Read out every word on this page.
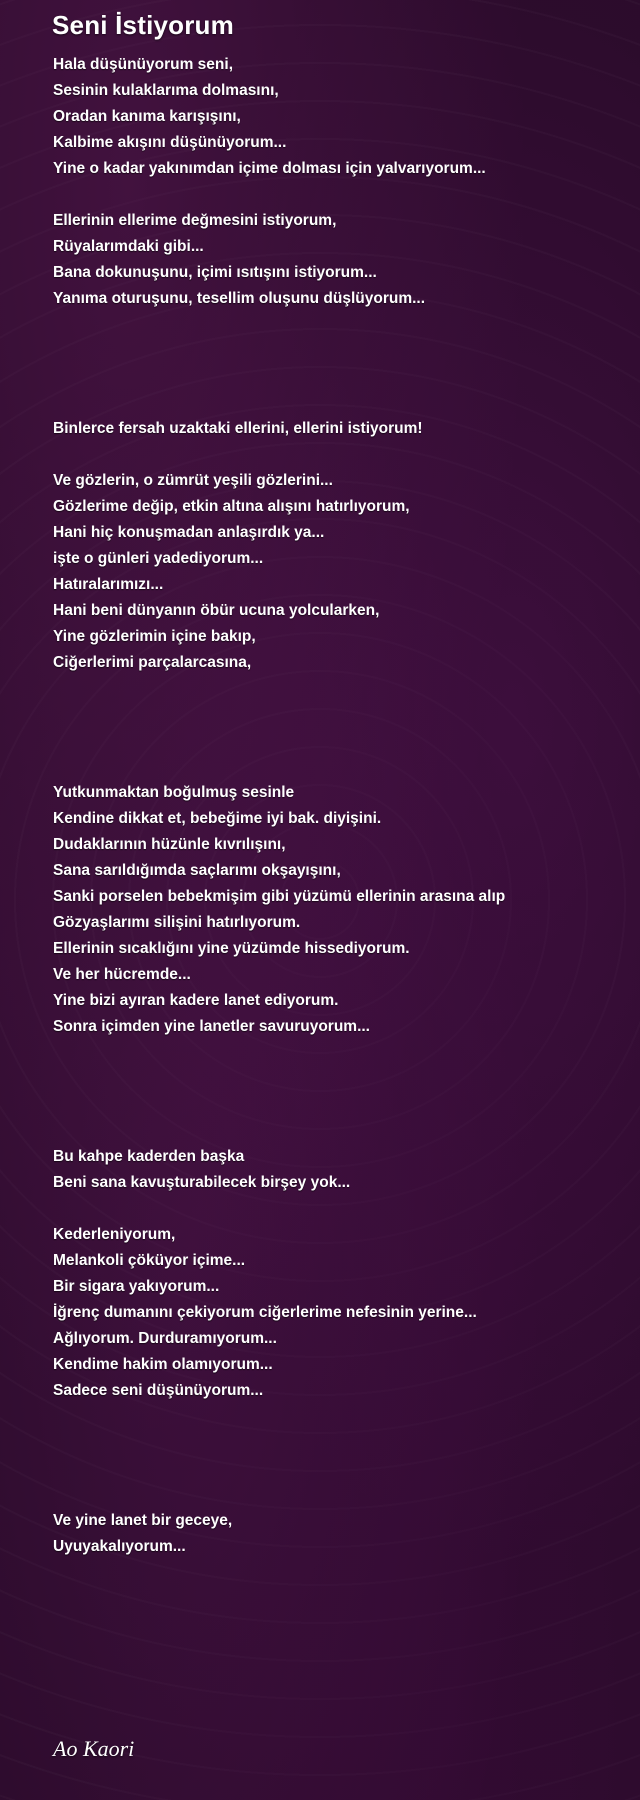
Seni İstiyorum
Hala düşünüyorum seni,
Sesinin kulaklarıma dolmasını,
Oradan kanıma karışışını,
Kalbime akışını düşünüyorum...
Yine o kadar yakınımdan içime dolması için yalvarıyorum...
Ellerinin ellerime değmesini istiyorum,
Rüyalarımdaki gibi...
Bana dokunuşunu, içimi ısıtışını istiyorum...
Yanıma oturuşunu, tesellim oluşunu düşlüyorum...
Binlerce fersah uzaktaki ellerini, ellerini istiyorum!
Ve gözlerin, o zümrüt yeşili gözlerini...
Gözlerime değip, etkin altına alışını hatırlıyorum,
Hani hiç konuşmadan anlaşırdık ya...
işte o günleri yadediyorum...
Hatıralarımızı...
Hani beni dünyanın öbür ucuna yolcularken,
Yine gözlerimin içine bakıp,
Ciğerlerimi parçalarcasına,
Yutkunmaktan boğulmuş sesinle
Kendine dikkat et, bebeğime iyi bak. diyişini.
Dudaklarının hüzünle kıvrılışını,
Sana sarıldığımda saçlarımı okşayışını,
Sanki porselen bebekmişim gibi yüzümü ellerinin arasına alıp
Gözyaşlarımı silişini hatırlıyorum.
Ellerinin sıcaklığını yine yüzümde hissediyorum.
Ve her hücremde...
Yine bizi ayıran kadere lanet ediyorum.
Sonra içimden yine lanetler savuruyorum...
Bu kahpe kaderden başka
Beni sana kavuşturabilecek birşey yok...
Kederleniyorum,
Melankoli çöküyor içime...
Bir sigara yakıyorum...
İğrenç dumanını çekiyorum ciğerlerime nefesinin yerine...
Ağlıyorum. Durduramıyorum...
Kendime hakim olamıyorum...
Sadece seni düşünüyorum...
Ve yine lanet bir geceye,
Uyuyakalıyorum...
Ao Kaori
